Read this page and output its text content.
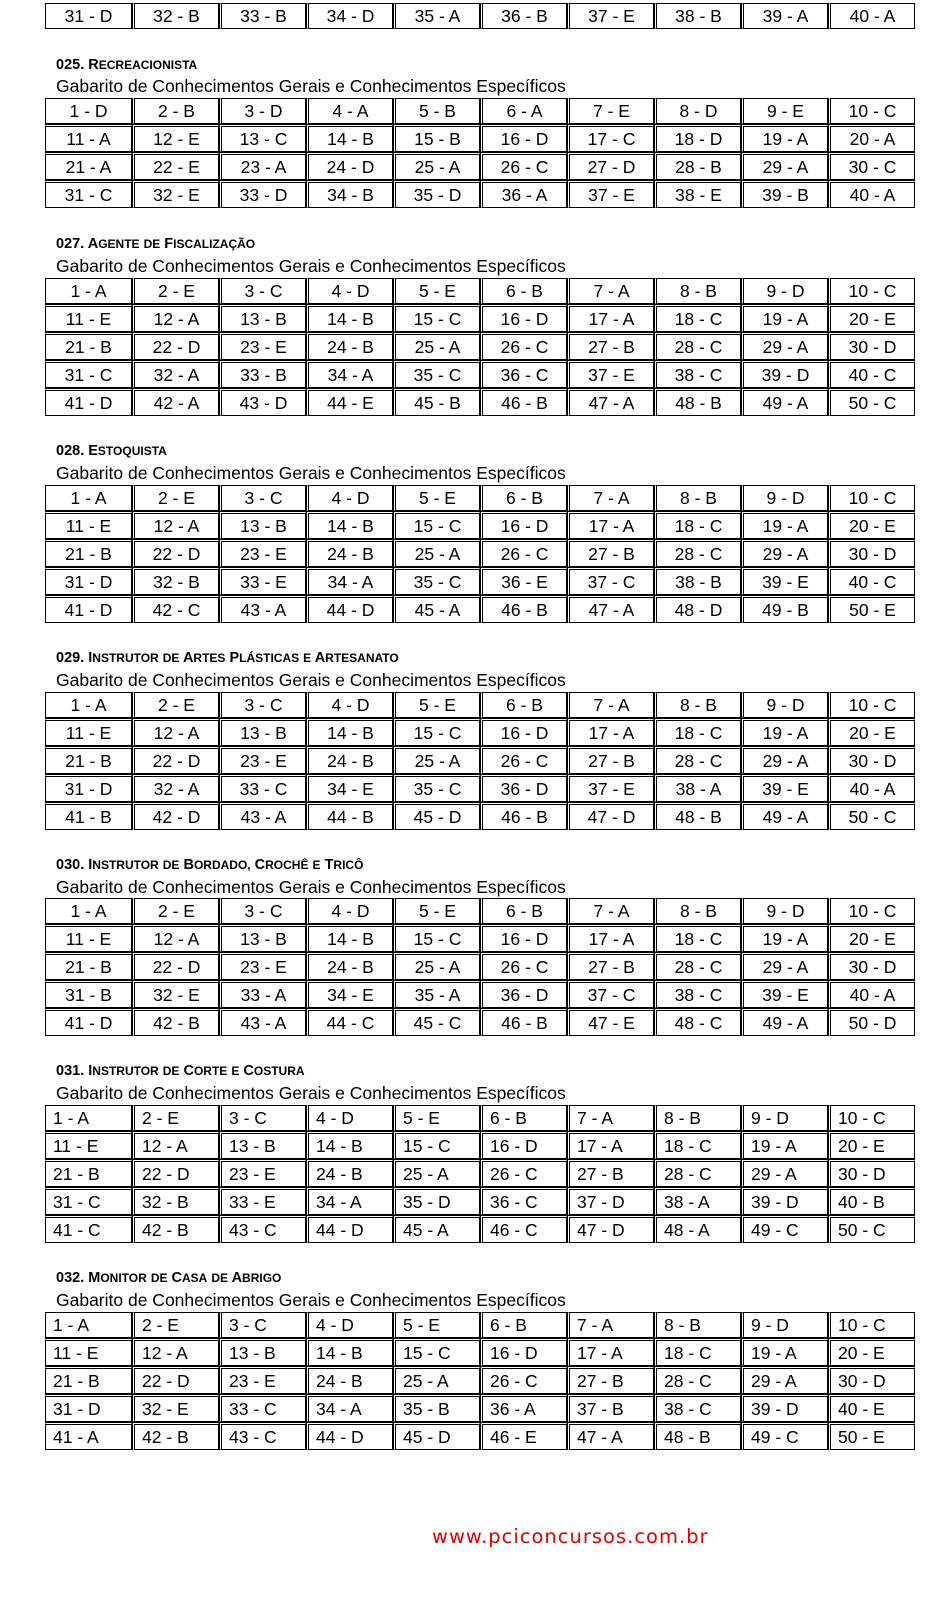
31 - D	32 - B	33 - B	34 - D	35 - A	36 - B	37 - E	38 - B	39 - A	40 - A
025. RECREACIONISTA
Gabarito de Conhecimentos Gerais e Conhecimentos Específicos
1 - D	2 - B	3 - D	4 - A	5 - B	6 - A	7 - E	8 - D	9 - E	10 - C
11 - A	12 - E	13 - C	14 - B	15 - B	16 - D	17 - C	18 - D	19 - A	20 - A
21 - A	22 - E	23 - A	24 - D	25 - A	26 - C	27 - D	28 - B	29 - A	30 - C
31 - C	32 - E	33 - D	34 - B	35 - D	36 - A	37 - E	38 - E	39 - B	40 - A
027. AGENTE DE FISCALIZAÇÃO
Gabarito de Conhecimentos Gerais e Conhecimentos Específicos
1 - A	2 - E	3 - C	4 - D	5 - E	6 - B	7 - A	8 - B	9 - D	10 - C
11 - E	12 - A	13 - B	14 - B	15 - C	16 - D	17 - A	18 - C	19 - A	20 - E
21 - B	22 - D	23 - E	24 - B	25 - A	26 - C	27 - B	28 - C	29 - A	30 - D
31 - C	32 - A	33 - B	34 - A	35 - C	36 - C	37 - E	38 - C	39 - D	40 - C
41 - D	42 - A	43 - D	44 - E	45 - B	46 - B	47 - A	48 - B	49 - A	50 - C
028. ESTOQUISTA
Gabarito de Conhecimentos Gerais e Conhecimentos Específicos
1 - A	2 - E	3 - C	4 - D	5 - E	6 - B	7 - A	8 - B	9 - D	10 - C
11 - E	12 - A	13 - B	14 - B	15 - C	16 - D	17 - A	18 - C	19 - A	20 - E
21 - B	22 - D	23 - E	24 - B	25 - A	26 - C	27 - B	28 - C	29 - A	30 - D
31 - D	32 - B	33 - E	34 - A	35 - C	36 - E	37 - C	38 - B	39 - E	40 - C
41 - D	42 - C	43 - A	44 - D	45 - A	46 - B	47 - A	48 - D	49 - B	50 - E
029. INSTRUTOR DE ARTES PLÁSTICAS E ARTESANATO
Gabarito de Conhecimentos Gerais e Conhecimentos Específicos
1 - A	2 - E	3 - C	4 - D	5 - E	6 - B	7 - A	8 - B	9 - D	10 - C
11 - E	12 - A	13 - B	14 - B	15 - C	16 - D	17 - A	18 - C	19 - A	20 - E
21 - B	22 - D	23 - E	24 - B	25 - A	26 - C	27 - B	28 - C	29 - A	30 - D
31 - D	32 - A	33 - C	34 - E	35 - C	36 - D	37 - E	38 - A	39 - E	40 - A
41 - B	42 - D	43 - A	44 - B	45 - D	46 - B	47 - D	48 - B	49 - A	50 - C
030. INSTRUTOR DE BORDADO, CROCHÊ E TRICÔ
Gabarito de Conhecimentos Gerais e Conhecimentos Específicos
1 - A	2 - E	3 - C	4 - D	5 - E	6 - B	7 - A	8 - B	9 - D	10 - C
11 - E	12 - A	13 - B	14 - B	15 - C	16 - D	17 - A	18 - C	19 - A	20 - E
21 - B	22 - D	23 - E	24 - B	25 - A	26 - C	27 - B	28 - C	29 - A	30 - D
31 - B	32 - E	33 - A	34 - E	35 - A	36 - D	37 - C	38 - C	39 - E	40 - A
41 - D	42 - B	43 - A	44 - C	45 - C	46 - B	47 - E	48 - C	49 - A	50 - D
031. INSTRUTOR DE CORTE E COSTURA
Gabarito de Conhecimentos Gerais e Conhecimentos Específicos
1 - A	2 - E	3 - C	4 - D	5 - E	6 - B	7 - A	8 - B	9 - D	10 - C
11 - E	12 - A	13 - B	14 - B	15 - C	16 - D	17 - A	18 - C	19 - A	20 - E
21 - B	22 - D	23 - E	24 - B	25 - A	26 - C	27 - B	28 - C	29 - A	30 - D
31 - C	32 - B	33 - E	34 - A	35 - D	36 - C	37 - D	38 - A	39 - D	40 - B
41 - C	42 - B	43 - C	44 - D	45 - A	46 - C	47 - D	48 - A	49 - C	50 - C
032. MONITOR DE CASA DE ABRIGO
Gabarito de Conhecimentos Gerais e Conhecimentos Específicos
1 - A	2 - E	3 - C	4 - D	5 - E	6 - B	7 - A	8 - B	9 - D	10 - C
11 - E	12 - A	13 - B	14 - B	15 - C	16 - D	17 - A	18 - C	19 - A	20 - E
21 - B	22 - D	23 - E	24 - B	25 - A	26 - C	27 - B	28 - C	29 - A	30 - D
31 - D	32 - E	33 - C	34 - A	35 - B	36 - A	37 - B	38 - C	39 - D	40 - E
41 - A	42 - B	43 - C	44 - D	45 - D	46 - E	47 - A	48 - B	49 - C	50 - E
www.pciconcursos.com.br
